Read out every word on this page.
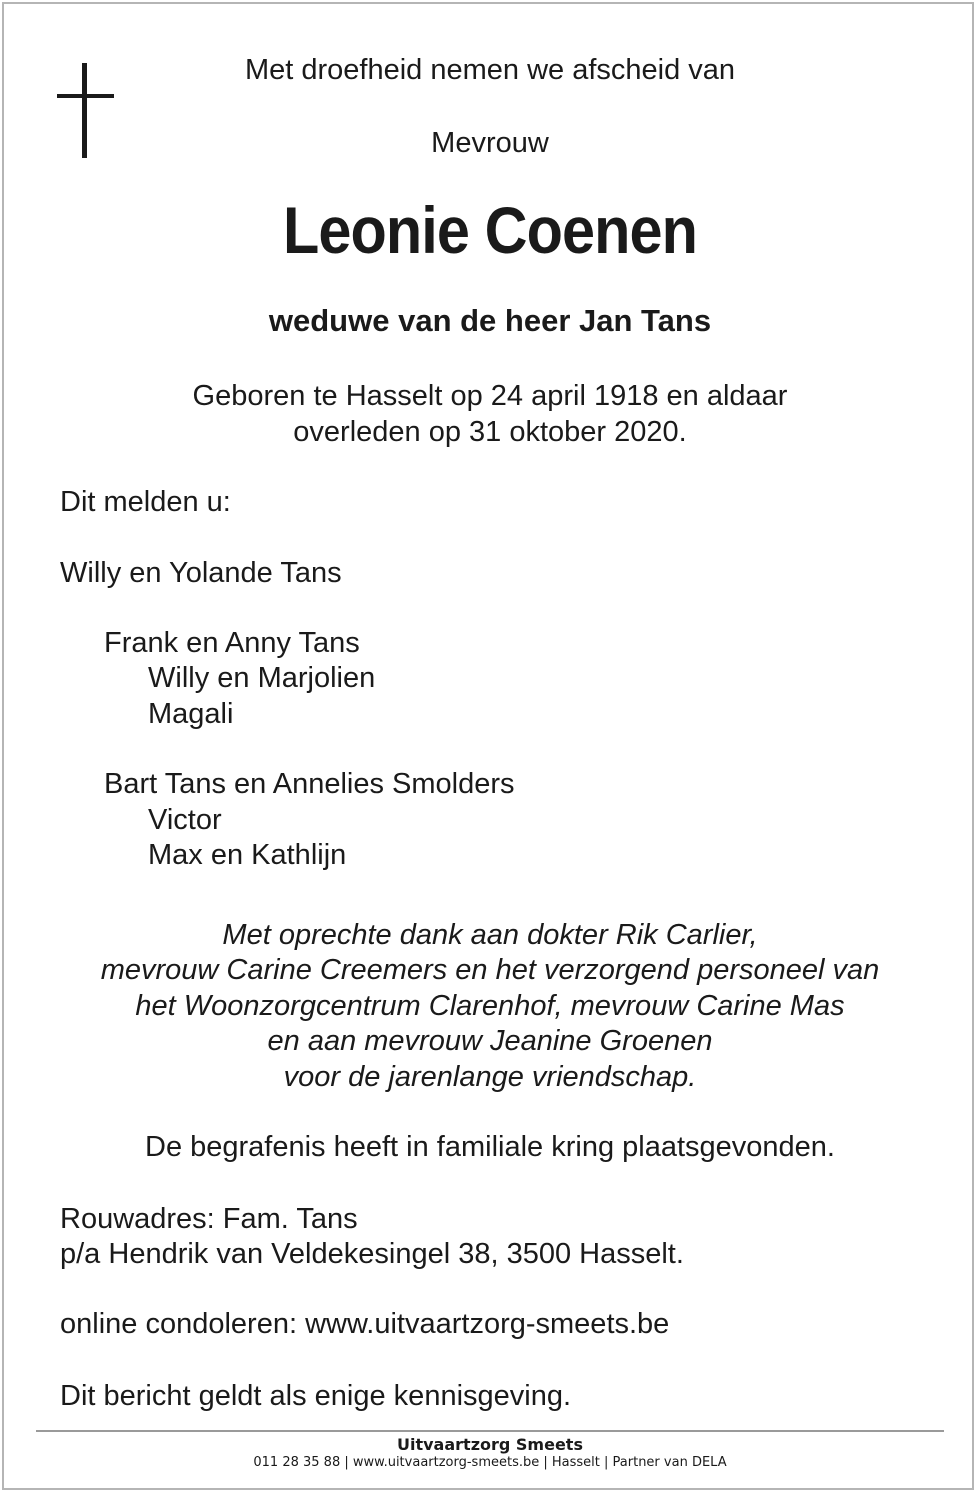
Met droefheid nemen we afscheid van
Mevrouw
Leonie Coenen
weduwe van de heer Jan Tans
Geboren te Hasselt op 24 april 1918 en aldaar
overleden op 31 oktober 2020.
Dit melden u:
Willy en Yolande Tans
Frank en Anny Tans
Willy en Marjolien
Magali
Bart Tans en Annelies Smolders
Victor
Max en Kathlijn
Met oprechte dank aan dokter Rik Carlier,
mevrouw Carine Creemers en het verzorgend personeel van
het Woonzorgcentrum Clarenhof, mevrouw Carine Mas
en aan mevrouw Jeanine Groenen
voor de jarenlange vriendschap.
De begrafenis heeft in familiale kring plaatsgevonden.
Rouwadres: Fam. Tans
p/a Hendrik van Veldekesingel 38, 3500 Hasselt.
online condoleren: www.uitvaartzorg-smeets.be
Dit bericht geldt als enige kennisgeving.
Uitvaartzorg Smeets
011 28 35 88 | www.uitvaartzorg-smeets.be | Hasselt | Partner van DELA
